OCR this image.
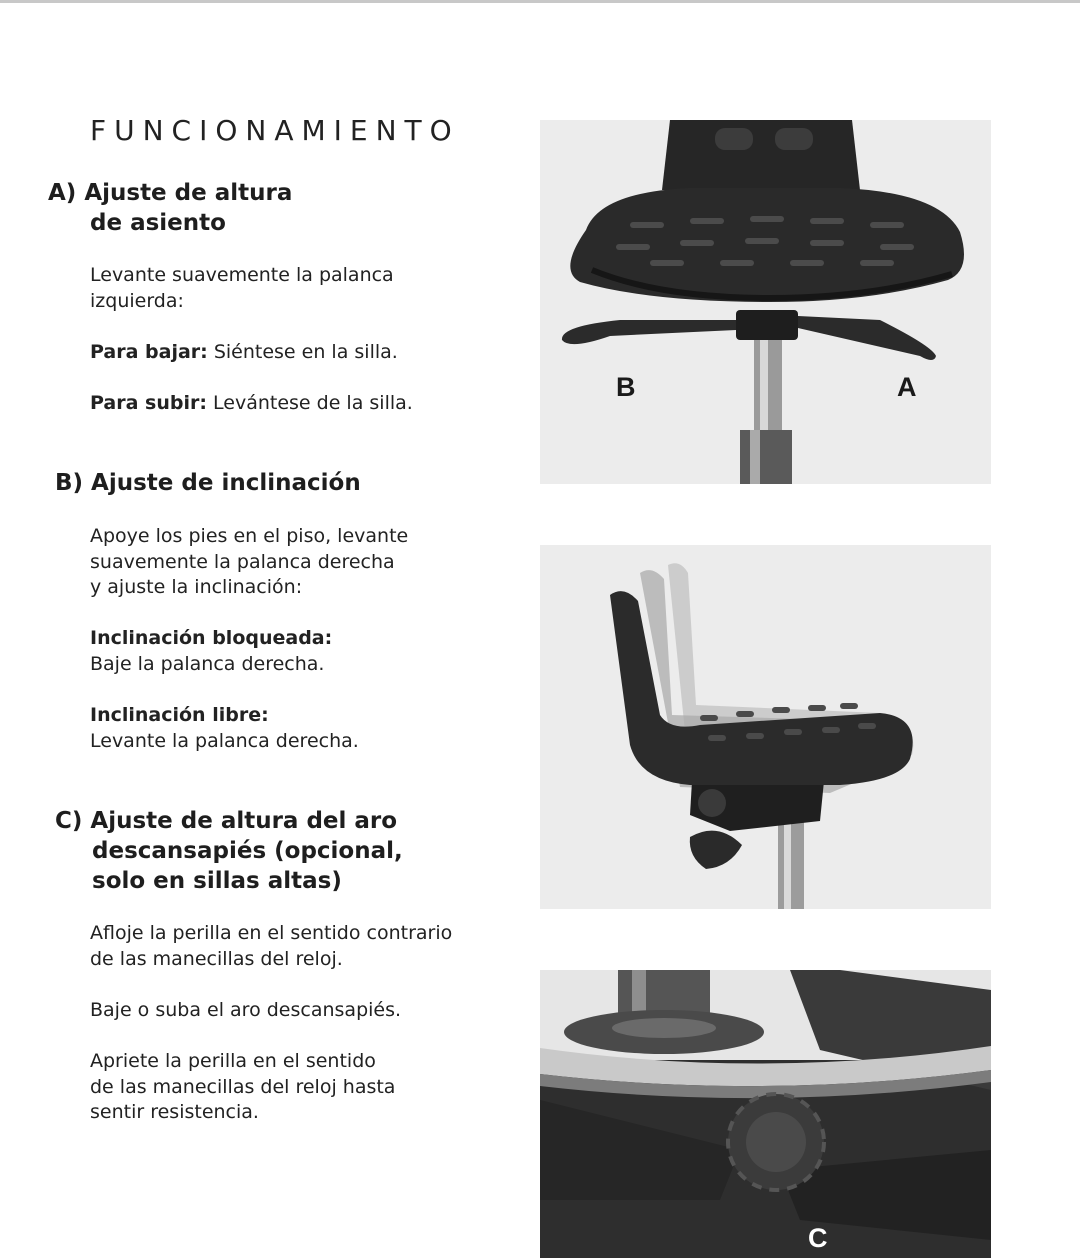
FUNCIONAMIENTO
A) Ajuste de altura
de asiento
Levante suavemente la palanca
izquierda:
Para bajar: Siéntese en la silla.
Para subir: Levántese de la silla.
B) Ajuste de inclinación
Apoye los pies en el piso, levante
suavemente la palanca derecha
y ajuste la inclinación:
Inclinación bloqueada:
Baje la palanca derecha.
Inclinación libre:
Levante la palanca derecha.
C) Ajuste de altura del aro
descansapiés (opcional,
solo en sillas altas)
Afloje la perilla en el sentido contrario
de las manecillas del reloj.
Baje o suba el aro descansapiés.
Apriete la perilla en el sentido
de las manecillas del reloj hasta
sentir resistencia.
B	A
C
